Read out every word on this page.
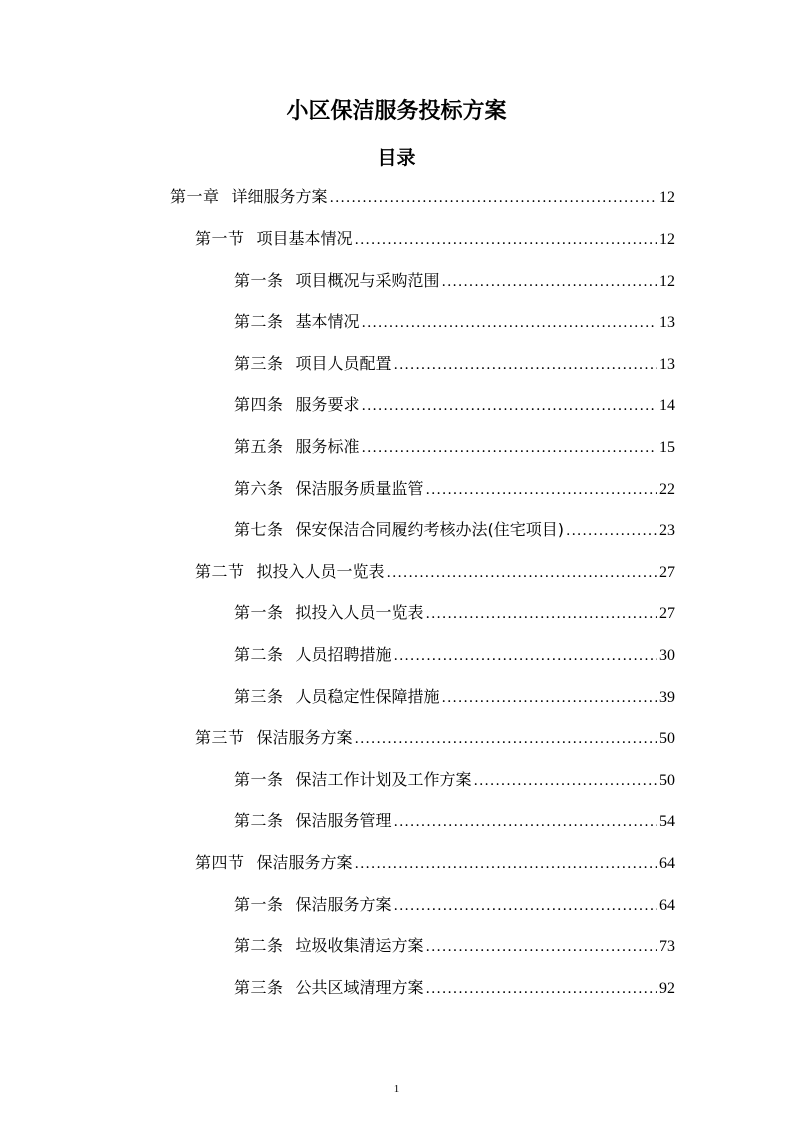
小区保洁服务投标方案
目录
第一章 详细服务方案 .....	12
第一节 项目基本情况 .....	12
第一条 项目概况与采购范围 .....	12
第二条 基本情况 .....	13
第三条 项目人员配置 .....	13
第四条 服务要求 .....	14
第五条 服务标准 .....	15
第六条 保洁服务质量监管 .....	22
第七条 保安保洁合同履约考核办法(住宅项目) .....	23
第二节 拟投入人员一览表 .....	27
第一条 拟投入人员一览表 .....	27
第二条 人员招聘措施 .....	30
第三条 人员稳定性保障措施 .....	39
第三节 保洁服务方案 .....	50
第一条 保洁工作计划及工作方案 .....	50
第二条 保洁服务管理 .....	54
第四节 保洁服务方案 .....	64
第一条 保洁服务方案 .....	64
第二条 垃圾收集清运方案 .....	73
第三条 公共区域清理方案 .....	92
1
